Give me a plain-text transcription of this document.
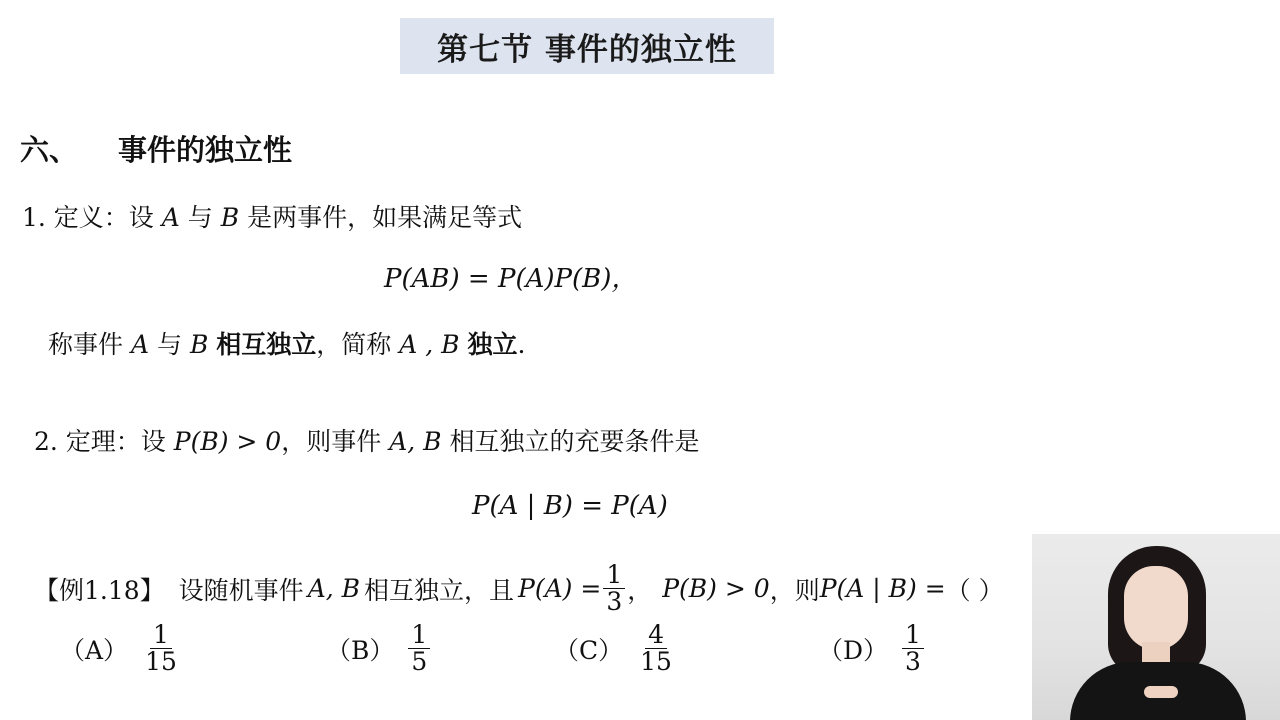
第七节 事件的独立性
六、 事件的独立性
1. 定义：设 A 与 B 是两事件，如果满足等式
P(AB) = P(A)P(B)，
称事件 A 与 B 相互独立，简称 A , B 独立.
2. 定理：设 P(B) > 0，则事件 A, B 相互独立的充要条件是
P(A | B) = P(A)
【例1.18】 设随机事件 A, B 相互独立，且 $P(A) = \frac{1}{3}$ ， P(B) > 0 ，则 P(A | B) = （ ）
$(A) \frac{1}{15}$	$(B) \frac{1}{5}$	$(C) \frac{4}{15}$	$(D) \frac{1}{3}$
